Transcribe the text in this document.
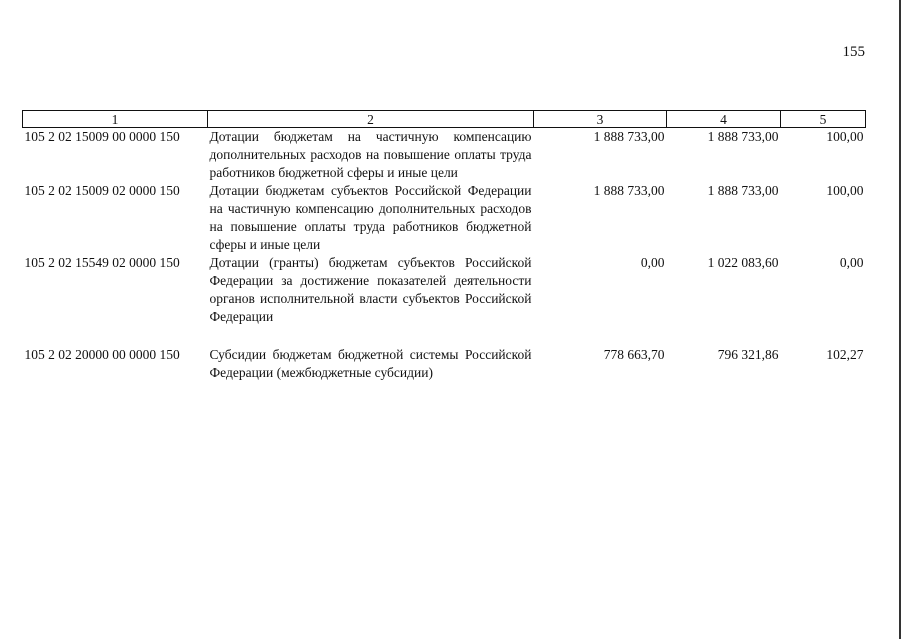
155
1	2	3	4	5
105 2 02 15009 00 0000 150	Дотации бюджетам на частичную компенсацию дополнительных расходов на повышение оплаты труда работников бюджетной сферы и иные цели	1 888 733,00	1 888 733,00	100,00
105 2 02 15009 02 0000 150	Дотации бюджетам субъектов Российской Федерации на частичную компенсацию дополнительных расходов на повышение оплаты труда работников бюджетной сферы и иные цели	1 888 733,00	1 888 733,00	100,00
105 2 02 15549 02 0000 150	Дотации (гранты) бюджетам субъектов Российской Федерации за достижение показателей деятельности органов исполнительной власти субъектов Российской Федерации	0,00	1 022 083,60	0,00
105 2 02 20000 00 0000 150	Субсидии бюджетам бюджетной системы Российской Федерации (межбюджетные субсидии)	778 663,70	796 321,86	102,27
